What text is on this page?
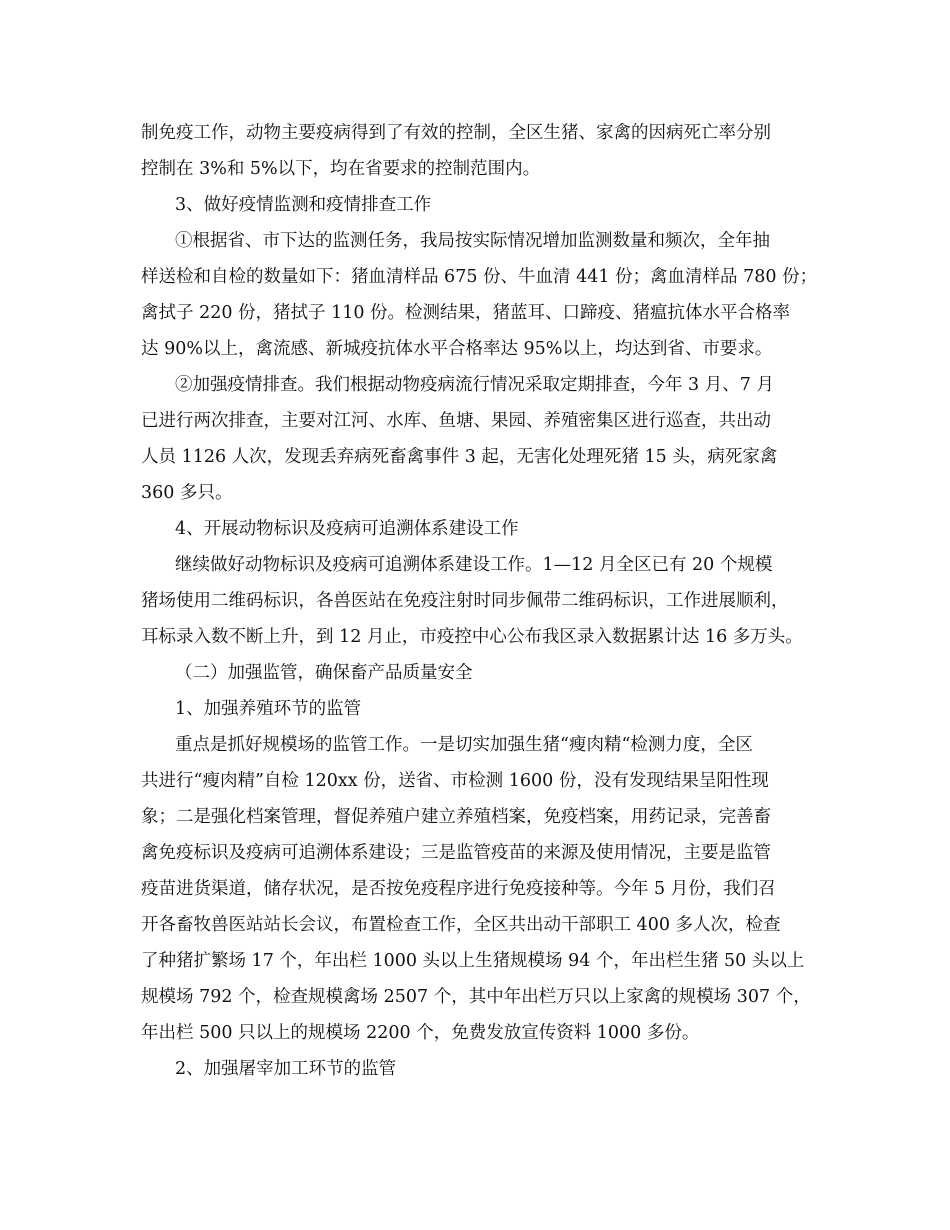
制免疫工作，动物主要疫病得到了有效的控制，全区生猪、家禽的因病死亡率分别
控制在 3%和 5%以下，均在省要求的控制范围内。
3、做好疫情监测和疫情排查工作
①根据省、市下达的监测任务，我局按实际情况增加监测数量和频次，全年抽
样送检和自检的数量如下：猪血清样品 675 份、牛血清 441 份；禽血清样品 780 份；
禽拭子 220 份，猪拭子 110 份。检测结果，猪蓝耳、口蹄疫、猪瘟抗体水平合格率
达 90%以上，禽流感、新城疫抗体水平合格率达 95%以上，均达到省、市要求。
②加强疫情排查。我们根据动物疫病流行情况采取定期排查，今年 3 月、7 月
已进行两次排查，主要对江河、水库、鱼塘、果园、养殖密集区进行巡查，共出动
人员 1126 人次，发现丢弃病死畜禽事件 3 起，无害化处理死猪 15 头，病死家禽
360 多只。
4、开展动物标识及疫病可追溯体系建设工作
继续做好动物标识及疫病可追溯体系建设工作。1—12 月全区已有 20 个规模
猪场使用二维码标识，各兽医站在免疫注射时同步佩带二维码标识，工作进展顺利，
耳标录入数不断上升，到 12 月止，市疫控中心公布我区录入数据累计达 16 多万头。
（二）加强监管，确保畜产品质量安全
1、加强养殖环节的监管
重点是抓好规模场的监管工作。一是切实加强生猪“瘦肉精“检测力度，全区
共进行“瘦肉精”自检 120xx 份，送省、市检测 1600 份，没有发现结果呈阳性现
象；二是强化档案管理，督促养殖户建立养殖档案，免疫档案，用药记录，完善畜
禽免疫标识及疫病可追溯体系建设；三是监管疫苗的来源及使用情况，主要是监管
疫苗进货渠道，储存状况，是否按免疫程序进行免疫接种等。今年 5 月份，我们召
开各畜牧兽医站站长会议，布置检查工作，全区共出动干部职工 400 多人次，检查
了种猪扩繁场 17 个，年出栏 1000 头以上生猪规模场 94 个，年出栏生猪 50 头以上
规模场 792 个，检查规模禽场 2507 个，其中年出栏万只以上家禽的规模场 307 个，
年出栏 500 只以上的规模场 2200 个，免费发放宣传资料 1000 多份。
2、加强屠宰加工环节的监管
